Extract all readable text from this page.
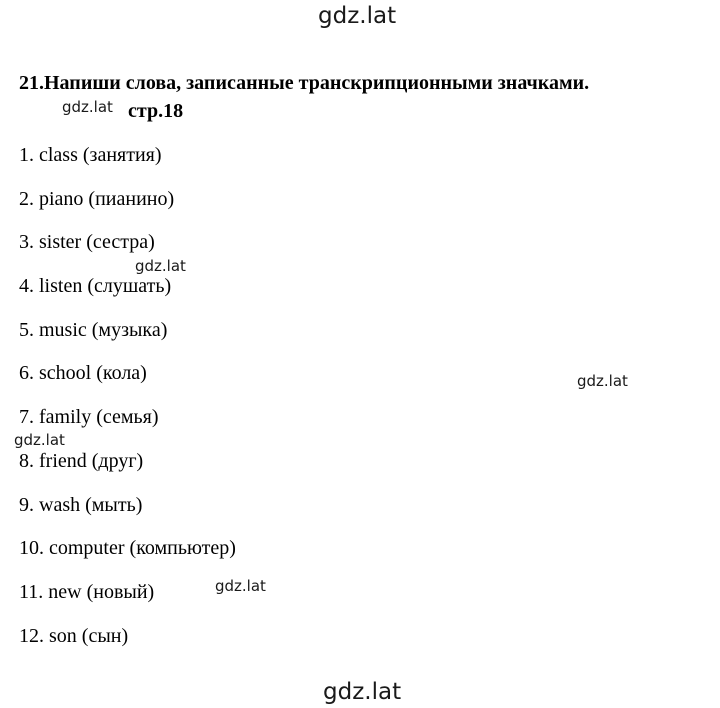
gdz.lat
21.Напиши слова, записанные транскрипционными значками.
gdz.lat стр.18
1. class (занятия)
2. piano (пианино)
3. sister (сестра)
4. listen (слушать)
5. music (музыка)
6. school (кола)
7. family (семья)
8. friend (друг)
9. wash (мыть)
10. computer (компьютер)
11. new (новый)
12. son (сын)
gdz.lat
gdz.lat
gdz.lat
gdz.lat
gdz.lat
